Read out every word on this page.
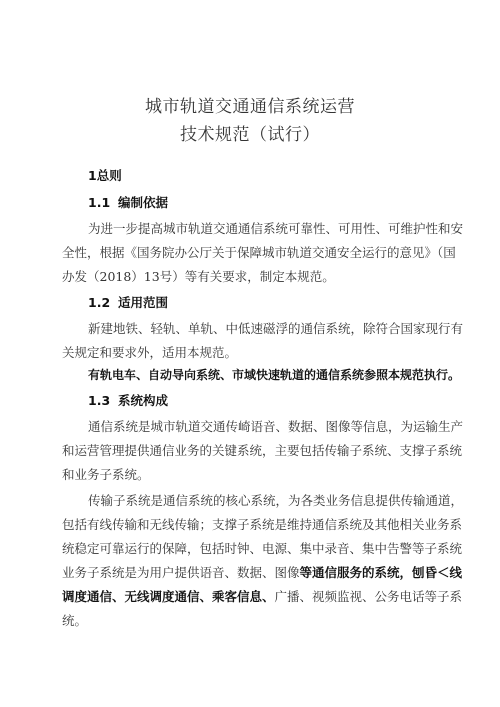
城市轨道交通通信系统运营
技术规范（试行）
1总则
1.1 编制依据
为进一步提高城市轨道交通通信系统可靠性、可用性、可维护性和安
全性，根据《国务院办公厅关于保障城市轨道交通安全运行的意见》（国
办发（2018）13号）等有关要求，制定本规范。
1.2 适用范围
新建地铁、轻轨、单轨、中低速磁浮的通信系统，除符合国家现行有
关规定和要求外，适用本规范。
有轨电车、自动导向系统、市域快速轨道的通信系统参照本规范执行。
1.3 系统构成
通信系统是城市轨道交通传崎语音、数据、图像等信息，为运输生产
和运营管理提供通信业务的关键系统，主要包括传输子系统、支撑子系统
和业务子系统。
传输子系统是通信系统的核心系统，为各类业务信息提供传输通道，
包括有线传输和无线传输；支撑子系统是维持通信系统及其他相关业务系
统稳定可靠运行的保障，包括时钟、电源、集中录音、集中告警等子系统
业务子系统是为用户提供语音、数据、图像等通信服务的系统，刨昏＜线
调度通信、无线调度通信、乘客信息、广播、视频监视、公务电话等子系
统。
